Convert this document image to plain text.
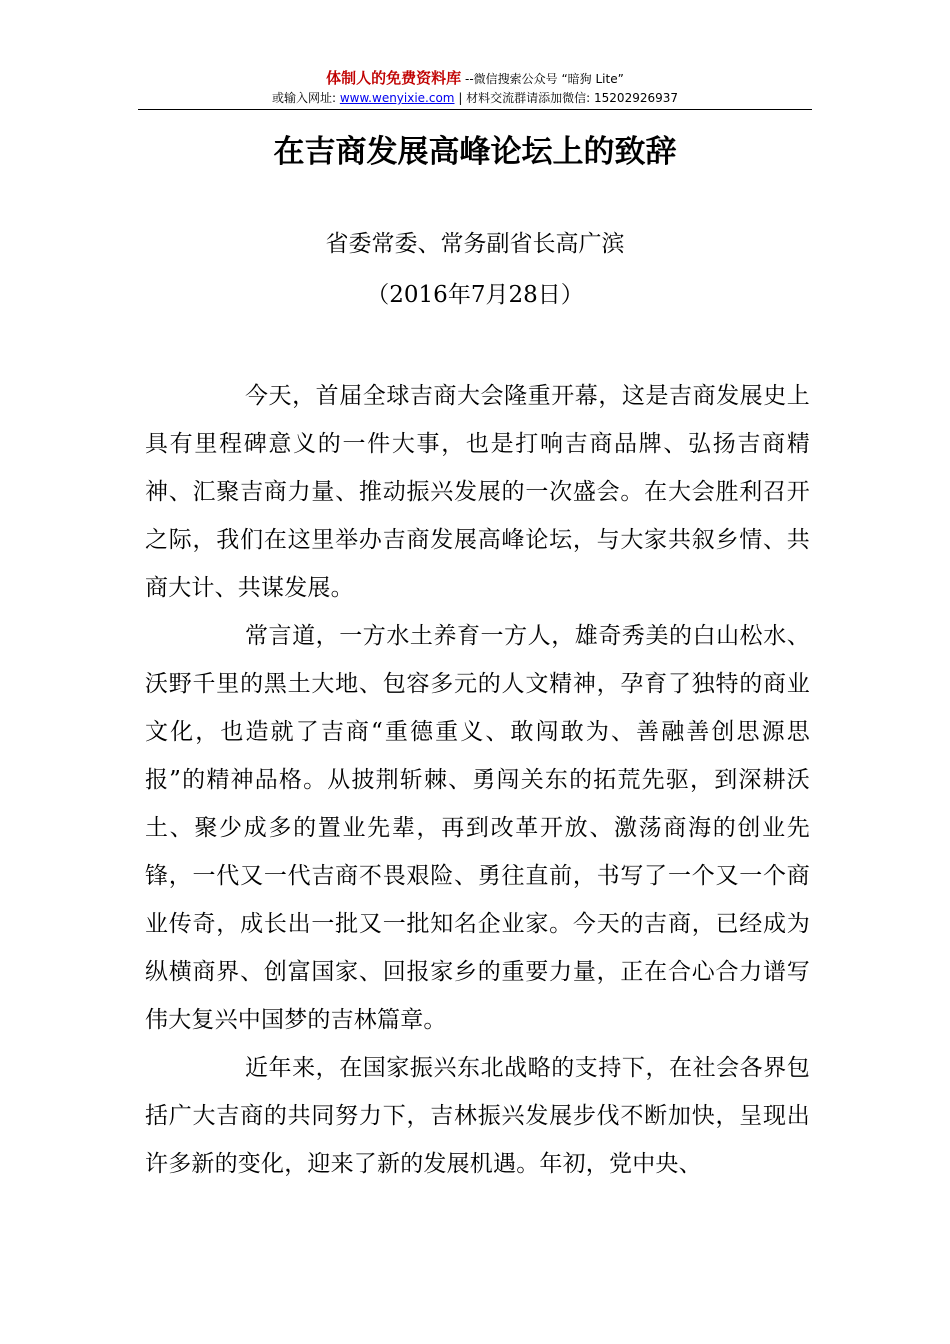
体制人的免费资料库 --微信搜索公众号 “暗狗 Lite”
或输入网址: www.wenyixie.com | 材料交流群请添加微信: 15202926937
在吉商发展高峰论坛上的致辞
省委常委、常务副省长高广滨
（2016年7月28日）

今天，首届全球吉商大会隆重开幕，这是吉商发展史上具有里程碑意义的一件大事，也是打响吉商品牌、弘扬吉商精神、汇聚吉商力量、推动振兴发展的一次盛会。在大会胜利召开之际，我们在这里举办吉商发展高峰论坛，与大家共叙乡情、共商大计、共谋发展。

常言道，一方水土养育一方人，雄奇秀美的白山松水、沃野千里的黑土大地、包容多元的人文精神，孕育了独特的商业文化，也造就了吉商“重德重义、敢闯敢为、善融善创思源思报”的精神品格。从披荆斩棘、勇闯关东的拓荒先驱，到深耕沃土、聚少成多的置业先辈，再到改革开放、激荡商海的创业先锋，一代又一代吉商不畏艰险、勇往直前，书写了一个又一个商业传奇，成长出一批又一批知名企业家。今天的吉商，已经成为纵横商界、创富国家、回报家乡的重要力量，正在合心合力谱写伟大复兴中国梦的吉林篇章。

近年来，在国家振兴东北战略的支持下，在社会各界包括广大吉商的共同努力下，吉林振兴发展步伐不断加快，呈现出许多新的变化，迎来了新的发展机遇。年初，党中央、
